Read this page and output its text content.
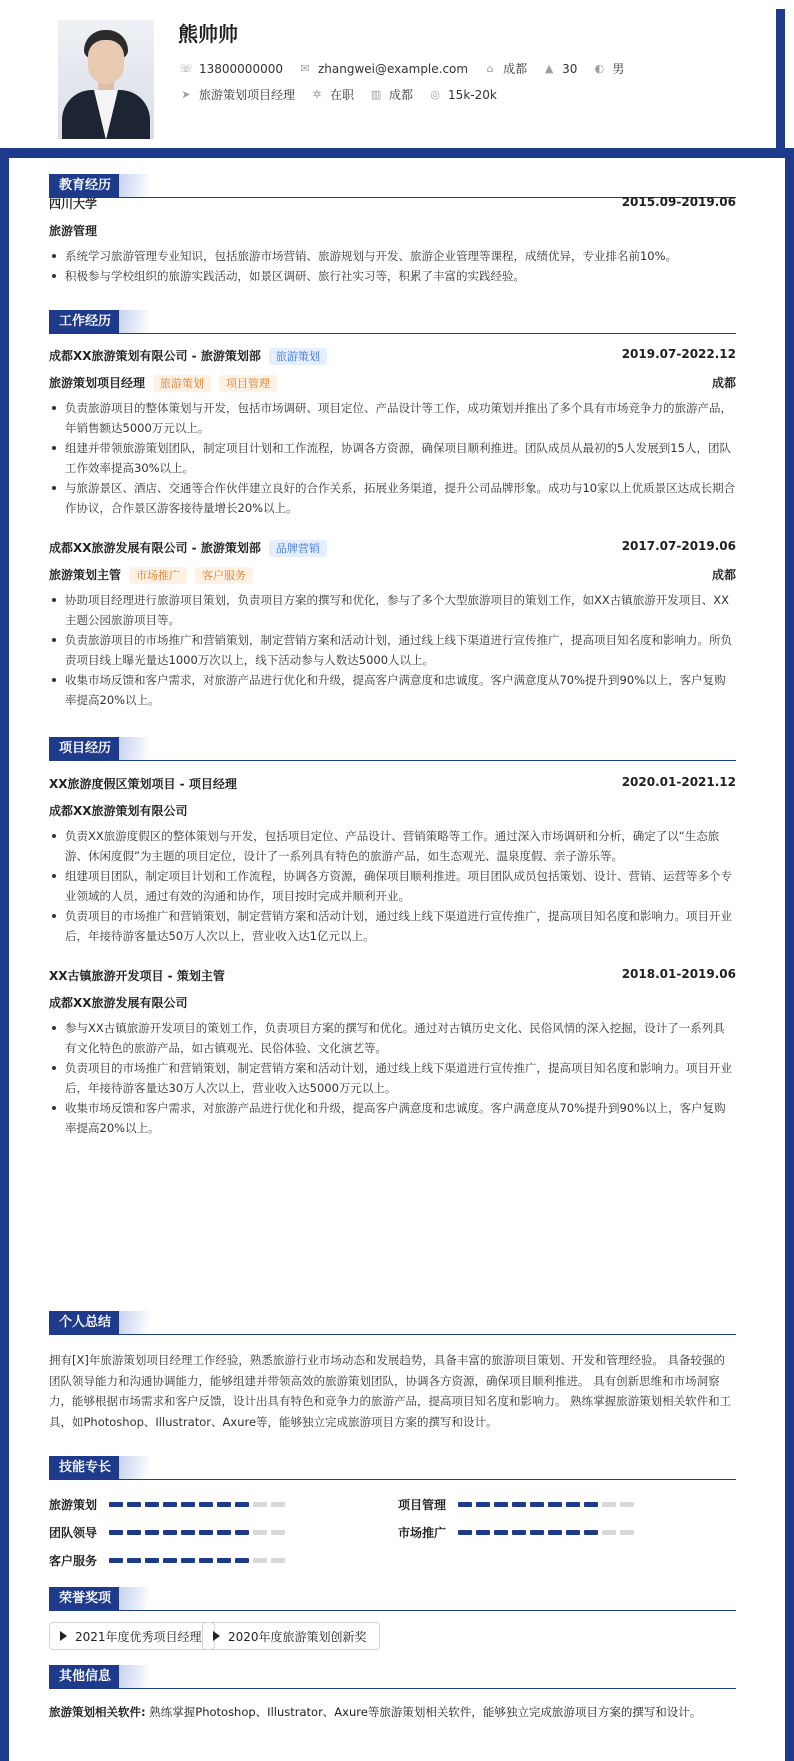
熊帅帅
☏ 13800000000	✉ zhangwei@example.com	⌂ 成都	▲ 30 ◐ 男
➤ 旅游策划项目经理	✲ 在职 ▥ 成都 ◎ 15k-20k
教育经历
四川大学	2015.09-2019.06
旅游管理
系统学习旅游管理专业知识，包括旅游市场营销、旅游规划与开发、旅游企业管理等课程，成绩优异，专业排名前10%。
积极参与学校组织的旅游实践活动，如景区调研、旅行社实习等，积累了丰富的实践经验。
工作经历
成都XX旅游策划有限公司 - 旅游策划部 旅游策划	2019.07-2022.12
旅游策划项目经理 旅游策划 项目管理	成都
负责旅游项目的整体策划与开发，包括市场调研、项目定位、产品设计等工作，成功策划并推出了多个具有市场竞争力的旅游产品，年销售额达5000万元以上。
组建并带领旅游策划团队，制定项目计划和工作流程，协调各方资源，确保项目顺利推进。团队成员从最初的5人发展到15人，团队工作效率提高30%以上。
与旅游景区、酒店、交通等合作伙伴建立良好的合作关系，拓展业务渠道，提升公司品牌形象。成功与10家以上优质景区达成长期合作协议，合作景区游客接待量增长20%以上。
成都XX旅游发展有限公司 - 旅游策划部 品牌营销	2017.07-2019.06
旅游策划主管 市场推广 客户服务	成都
协助项目经理进行旅游项目策划，负责项目方案的撰写和优化，参与了多个大型旅游项目的策划工作，如XX古镇旅游开发项目、XX主题公园旅游项目等。
负责旅游项目的市场推广和营销策划，制定营销方案和活动计划，通过线上线下渠道进行宣传推广，提高项目知名度和影响力。所负责项目线上曝光量达1000万次以上，线下活动参与人数达5000人以上。
收集市场反馈和客户需求，对旅游产品进行优化和升级，提高客户满意度和忠诚度。客户满意度从70%提升到90%以上，客户复购率提高20%以上。
项目经历
XX旅游度假区策划项目 - 项目经理	2020.01-2021.12
成都XX旅游策划有限公司
负责XX旅游度假区的整体策划与开发，包括项目定位、产品设计、营销策略等工作。通过深入市场调研和分析，确定了以“生态旅游、休闲度假”为主题的项目定位，设计了一系列具有特色的旅游产品，如生态观光、温泉度假、亲子游乐等。
组建项目团队，制定项目计划和工作流程，协调各方资源，确保项目顺利推进。项目团队成员包括策划、设计、营销、运营等多个专业领域的人员，通过有效的沟通和协作，项目按时完成并顺利开业。
负责项目的市场推广和营销策划，制定营销方案和活动计划，通过线上线下渠道进行宣传推广，提高项目知名度和影响力。项目开业后，年接待游客量达50万人次以上，营业收入达1亿元以上。
XX古镇旅游开发项目 - 策划主管	2018.01-2019.06
成都XX旅游发展有限公司
参与XX古镇旅游开发项目的策划工作，负责项目方案的撰写和优化。通过对古镇历史文化、民俗风情的深入挖掘，设计了一系列具有文化特色的旅游产品，如古镇观光、民俗体验、文化演艺等。
负责项目的市场推广和营销策划，制定营销方案和活动计划，通过线上线下渠道进行宣传推广，提高项目知名度和影响力。项目开业后，年接待游客量达30万人次以上，营业收入达5000万元以上。
收集市场反馈和客户需求，对旅游产品进行优化和升级，提高客户满意度和忠诚度。客户满意度从70%提升到90%以上，客户复购率提高20%以上。
个人总结
拥有[X]年旅游策划项目经理工作经验，熟悉旅游行业市场动态和发展趋势，具备丰富的旅游项目策划、开发和管理经验。 具备较强的团队领导能力和沟通协调能力，能够组建并带领高效的旅游策划团队，协调各方资源，确保项目顺利推进。 具有创新思维和市场洞察力，能够根据市场需求和客户反馈，设计出具有特色和竞争力的旅游产品，提高项目知名度和影响力。 熟练掌握旅游策划相关软件和工具，如Photoshop、Illustrator、Axure等，能够独立完成旅游项目方案的撰写和设计。
技能专长
旅游策划	项目管理
团队领导	市场推广
客户服务
荣誉奖项
2021年度优秀项目经理 2020年度旅游策划创新奖
其他信息
旅游策划相关软件: 熟练掌握Photoshop、Illustrator、Axure等旅游策划相关软件，能够独立完成旅游项目方案的撰写和设计。
